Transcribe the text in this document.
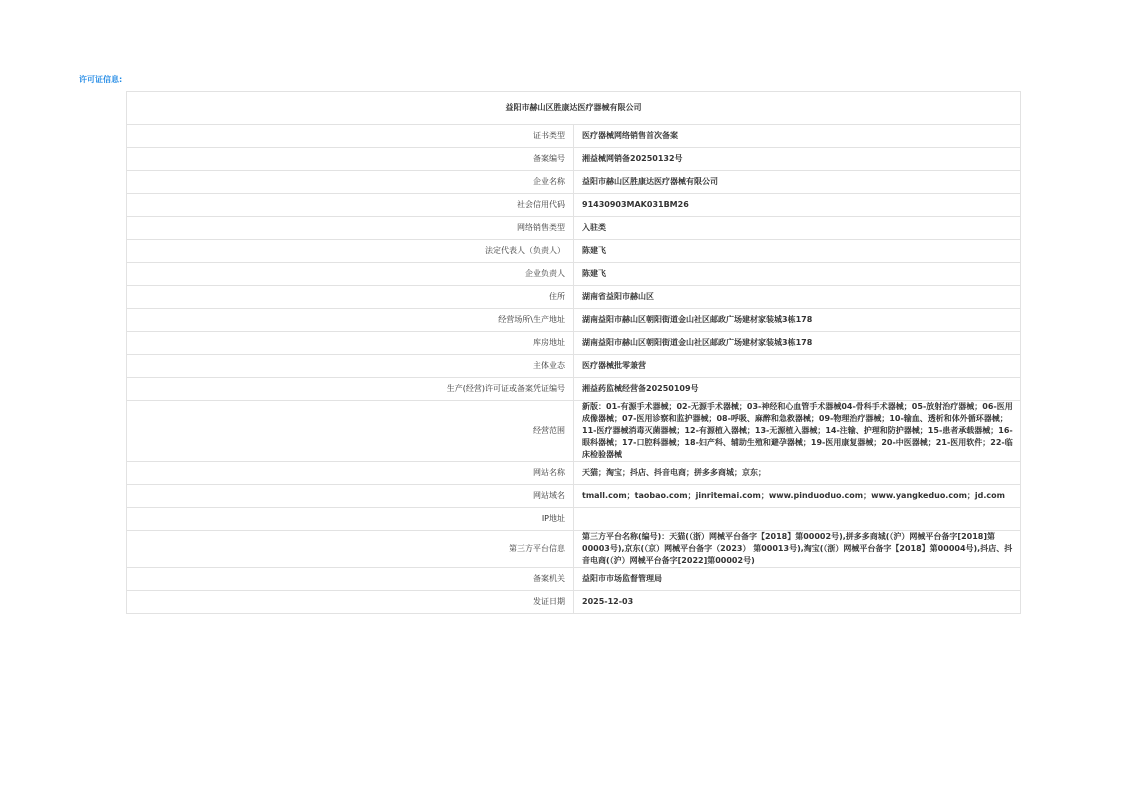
许可证信息:
益阳市赫山区胜康达医疗器械有限公司	
证书类型	医疗器械网络销售首次备案
备案编号	湘益械网销备20250132号
企业名称	益阳市赫山区胜康达医疗器械有限公司
社会信用代码	91430903MAK031BM26
网络销售类型	入驻类
法定代表人（负责人）	陈建飞
企业负责人	陈建飞
住所	湖南省益阳市赫山区
经营场所\生产地址	湖南益阳市赫山区朝阳街道金山社区邮政广场建材家装城3栋178
库房地址	湖南益阳市赫山区朝阳街道金山社区邮政广场建材家装城3栋178
主体业态	医疗器械批零兼营
生产(经营)许可证或备案凭证编号	湘益药监械经营备20250109号
经营范围	新版：01-有源手术器械；02-无源手术器械；03-神经和心血管手术器械04-骨科手术器械；05-放射治疗器械；06-医用成像器械；07-医用诊察和监护器械；08-呼吸、麻醉和急救器械；09-物理治疗器械；10-输血、透析和体外循环器械；11-医疗器械消毒灭菌器械；12-有源植入器械；13-无源植入器械；14-注输、护理和防护器械；15-患者承载器械；16-眼科器械；17-口腔科器械；18-妇产科、辅助生殖和避孕器械；19-医用康复器械；20-中医器械；21-医用软件；22-临床检验器械
网站名称	天猫；淘宝；抖店、抖音电商；拼多多商城；京东；
网站域名	tmall.com；taobao.com；jinritemai.com；www.pinduoduo.com；www.yangkeduo.com；jd.com
IP地址	
第三方平台信息	第三方平台名称(编号)：天猫(（浙）网械平台备字【2018】第00002号),拼多多商城(（沪）网械平台备字[2018]第00003号),京东(（京）网械平台备字（2023） 第00013号),淘宝(（浙）网械平台备字【2018】第00004号),抖店、抖音电商(（沪）网械平台备字[2022]第00002号)
备案机关	益阳市市场监督管理局
发证日期	2025-12-03
